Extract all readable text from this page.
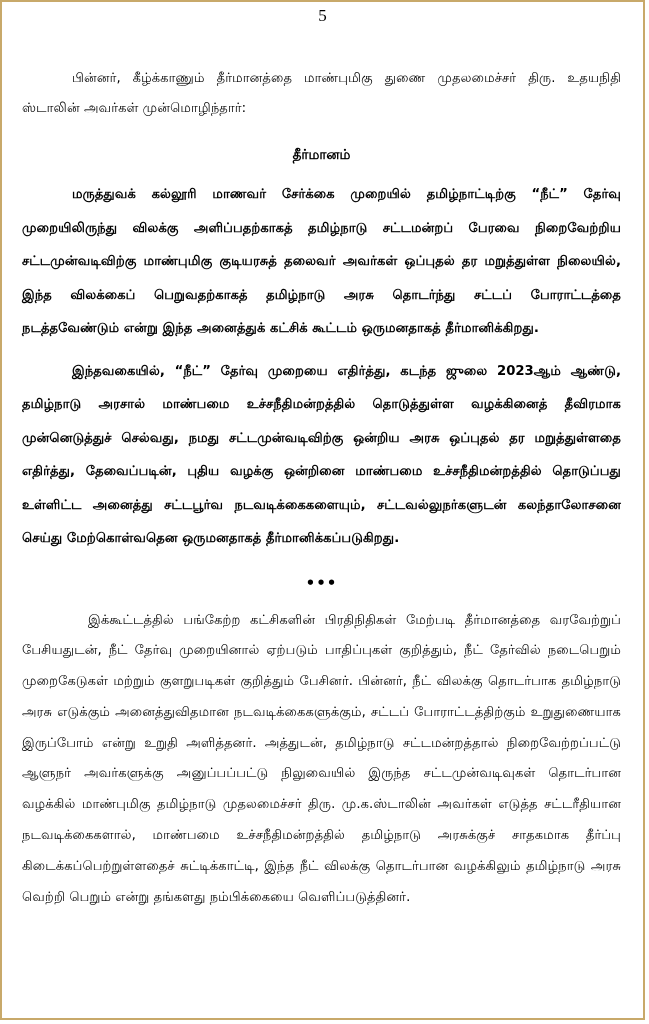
5

பின்னர், கீழ்க்காணும் தீர்மானத்தை மாண்புமிகு துணை முதலமைச்சர் திரு. உதயநிதி ஸ்டாலின் அவர்கள் முன்மொழிந்தார்:

தீர்மானம்

மருத்துவக் கல்லூரி மாணவர் சேர்க்கை முறையில் தமிழ்நாட்டிற்கு “நீட்” தேர்வு முறையிலிருந்து விலக்கு அளிப்பதற்காகத் தமிழ்நாடு சட்டமன்றப் பேரவை நிறைவேற்றிய சட்டமுன்வடிவிற்கு மாண்புமிகு குடியரசுத் தலைவர் அவர்கள் ஒப்புதல் தர மறுத்துள்ள நிலையில், இந்த விலக்கைப் பெறுவதற்காகத் தமிழ்நாடு அரசு தொடர்ந்து சட்டப் போராட்டத்தை நடத்தவேண்டும் என்று இந்த அனைத்துக் கட்சிக் கூட்டம் ஒருமனதாகத் தீர்மானிக்கிறது.

இந்தவகையில், “நீட்” தேர்வு முறையை எதிர்த்து, கடந்த ஜுலை 2023ஆம் ஆண்டு, தமிழ்நாடு அரசால் மாண்பமை உச்சநீதிமன்றத்தில் தொடுத்துள்ள வழக்கினைத் தீவிரமாக முன்னெடுத்துச் செல்வது, நமது சட்டமுன்வடிவிற்கு ஒன்றிய அரசு ஒப்புதல் தர மறுத்துள்ளதை எதிர்த்து, தேவைப்படின், புதிய வழக்கு ஒன்றினை மாண்பமை உச்சநீதிமன்றத்தில் தொடுப்பது உள்ளிட்ட அனைத்து சட்டபூர்வ நடவடிக்கைகளையும், சட்டவல்லுநர்களுடன் கலந்தாலோசனை செய்து மேற்கொள்வதென ஒருமனதாகத் தீர்மானிக்கப்படுகிறது.

•••

இக்கூட்டத்தில் பங்கேற்ற கட்சிகளின் பிரதிநிதிகள் மேற்படி தீர்மானத்தை வரவேற்றுப் பேசியதுடன், நீட் தேர்வு முறையினால் ஏற்படும் பாதிப்புகள் குறித்தும், நீட் தேர்வில் நடைபெறும் முறைகேடுகள் மற்றும் குளறுபடிகள் குறித்தும் பேசினர். பின்னர், நீட் விலக்கு தொடர்பாக தமிழ்நாடு அரசு எடுக்கும் அனைத்துவிதமான நடவடிக்கைகளுக்கும், சட்டப் போராட்டத்திற்கும் உறுதுணையாக இருப்போம் என்று உறுதி அளித்தனர். அத்துடன், தமிழ்நாடு சட்டமன்றத்தால் நிறைவேற்றப்பட்டு ஆளுநர் அவர்களுக்கு அனுப்பப்பட்டு நிலுவையில் இருந்த சட்டமுன்வடிவுகள் தொடர்பான வழக்கில் மாண்புமிகு தமிழ்நாடு முதலமைச்சர் திரு. மு.க.ஸ்டாலின் அவர்கள் எடுத்த சட்டரீதியான நடவடிக்கைகளால், மாண்பமை உச்சநீதிமன்றத்தில் தமிழ்நாடு அரசுக்குச் சாதகமாக தீர்ப்பு கிடைக்கப்பெற்றுள்ளதைச் சுட்டிக்காட்டி, இந்த நீட் விலக்கு தொடர்பான வழக்கிலும் தமிழ்நாடு அரசு வெற்றி பெறும் என்று தங்களது நம்பிக்கையை வெளிப்படுத்தினர்.
